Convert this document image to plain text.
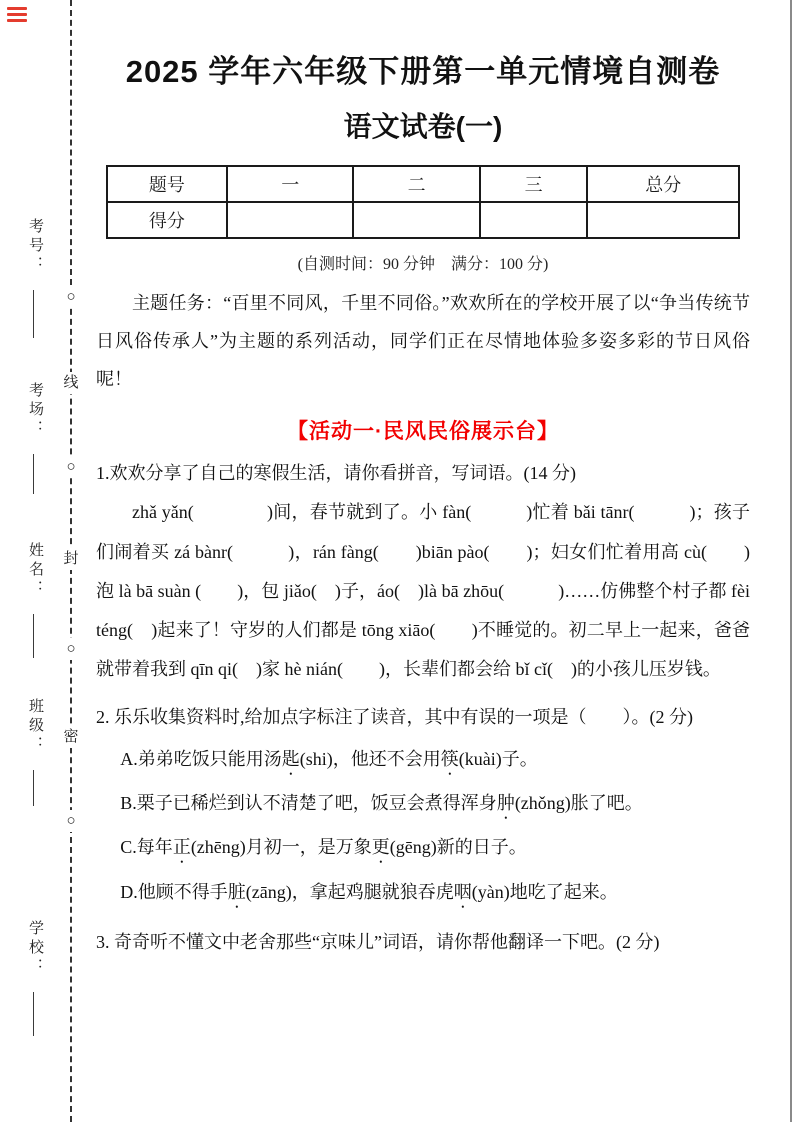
○
线
○
封
○
密
○
考号：
考场：
姓名：
班级：
学校：
2025 学年六年级下册第一单元情境自测卷
语文试卷(一)
题号	一	二	三	总分
得分				
(自测时间：90 分钟　满分：100 分)
主题任务：“百里不同风，千里不同俗。”欢欢所在的学校开展了以“争当传统节日风俗传承人”为主题的系列活动，同学们正在尽情地体验多姿多彩的节日风俗呢！
【活动一·民风民俗展示台】
1.欢欢分享了自己的寒假生活，请你看拼音，写词语。(14 分)
zhǎ yǎn(　　　　)间，春节就到了。小 fàn(　　　)忙着 bǎi tānr(　　　)；孩子们闹着买 zá bànr(　　　)，rán fàng(　　)biān pào(　　)；妇女们忙着用高 cù(　　)泡 là bā suàn (　　)，包 jiǎo(　)子，áo(　)là bā zhōu(　　　)……仿佛整个村子都 fèi téng(　)起来了！守岁的人们都是 tōng xiāo(　　)不睡觉的。初二早上一起来，爸爸就带着我到 qīn qi(　)家 hè nián(　　)，长辈们都会给 bǐ cǐ(　)的小孩儿压岁钱。
2. 乐乐收集资料时,给加点字标注了读音，其中有误的一项是（　　）。(2 分)
A.弟弟吃饭只能用汤匙(shi)，他还不会用筷(kuài)子。
B.栗子已稀烂到认不清楚了吧，饭豆会煮得浑身肿(zhǒng)胀了吧。
C.每年正(zhēng)月初一，是万象更(gēng)新的日子。
D.他顾不得手脏(zāng)，拿起鸡腿就狼吞虎咽(yàn)地吃了起来。
3. 奇奇听不懂文中老舍那些“京味儿”词语，请你帮他翻译一下吧。(2 分)
